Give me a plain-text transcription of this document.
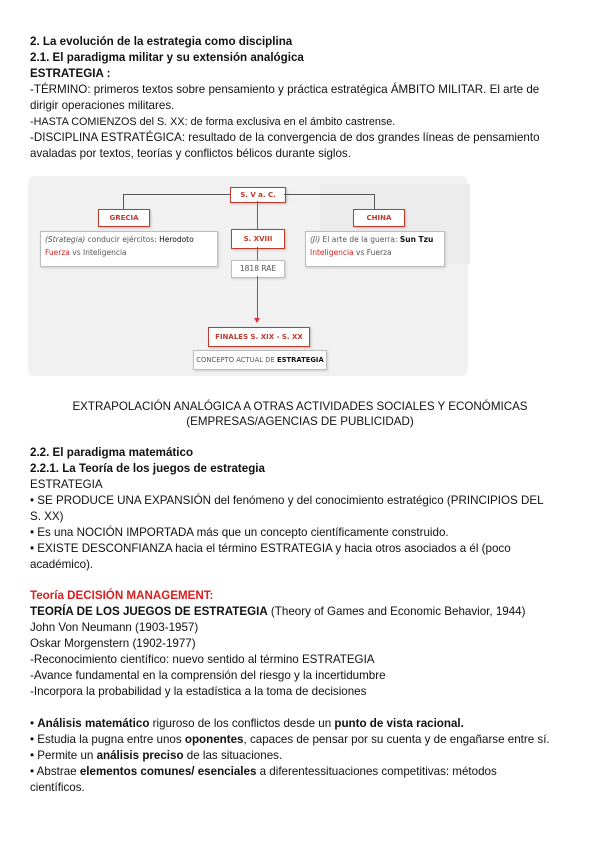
2. La evolución de la estrategia como disciplina
2.1. El paradigma militar y su extensión analógica
ESTRATEGIA :
-TÉRMINO: primeros textos sobre pensamiento y práctica estratégica ÁMBITO MILITAR. El arte de
dirigir operaciones militares.
-HASTA COMIENZOS del S. XX: de forma exclusiva en el ámbito castrense.
-DISCIPLINA ESTRATÉGICA: resultado de la convergencia de dos grandes líneas de pensamiento
avaladas por textos, teorías y conflictos bélicos durante siglos.
S. V a. C.
GRECIA
(Strategia) conducir ejércitos: Herodoto
Fuerza vs Inteligencia
CHINA
(Ji) El arte de la guerra: Sun Tzu
Inteligencia vs Fuerza
S. XVIII
1818 RAE
FINALES S. XIX - S. XX
CONCEPTO ACTUAL DE ESTRATEGIA
EXTRAPOLACIÓN ANALÓGICA A OTRAS ACTIVIDADES SOCIALES Y ECONÓMICAS
(EMPRESAS/AGENCIAS DE PUBLICIDAD)
2.2. El paradigma matemático
2.2.1. La Teoría de los juegos de estrategia
ESTRATEGIA
• SE PRODUCE UNA EXPANSIÓN del fenómeno y del conocimiento estratégico (PRINCIPIOS DEL
S. XX)
• Es una NOCIÓN IMPORTADA más que un concepto científicamente construido.
• EXISTE DESCONFIANZA hacia el término ESTRATEGIA y hacia otros asociados a él (poco
académico).
Teoría DECISIÓN MANAGEMENT:
TEORÍA DE LOS JUEGOS DE ESTRATEGIA (Theory of Games and Economic Behavior, 1944)
John Von Neumann (1903-1957)
Oskar Morgenstern (1902-1977)
-Reconocimiento científico: nuevo sentido al término ESTRATEGIA
-Avance fundamental en la comprensión del riesgo y la incertidumbre
-Incorpora la probabilidad y la estadística a la toma de decisiones
• Análisis matemático riguroso de los conflictos desde un punto de vista racional.
• Estudia la pugna entre unos oponentes, capaces de pensar por su cuenta y de engañarse entre sí.
• Permite un análisis preciso de las situaciones.
• Abstrae elementos comunes/ esenciales a diferentessituaciones competitivas: métodos
científicos.
